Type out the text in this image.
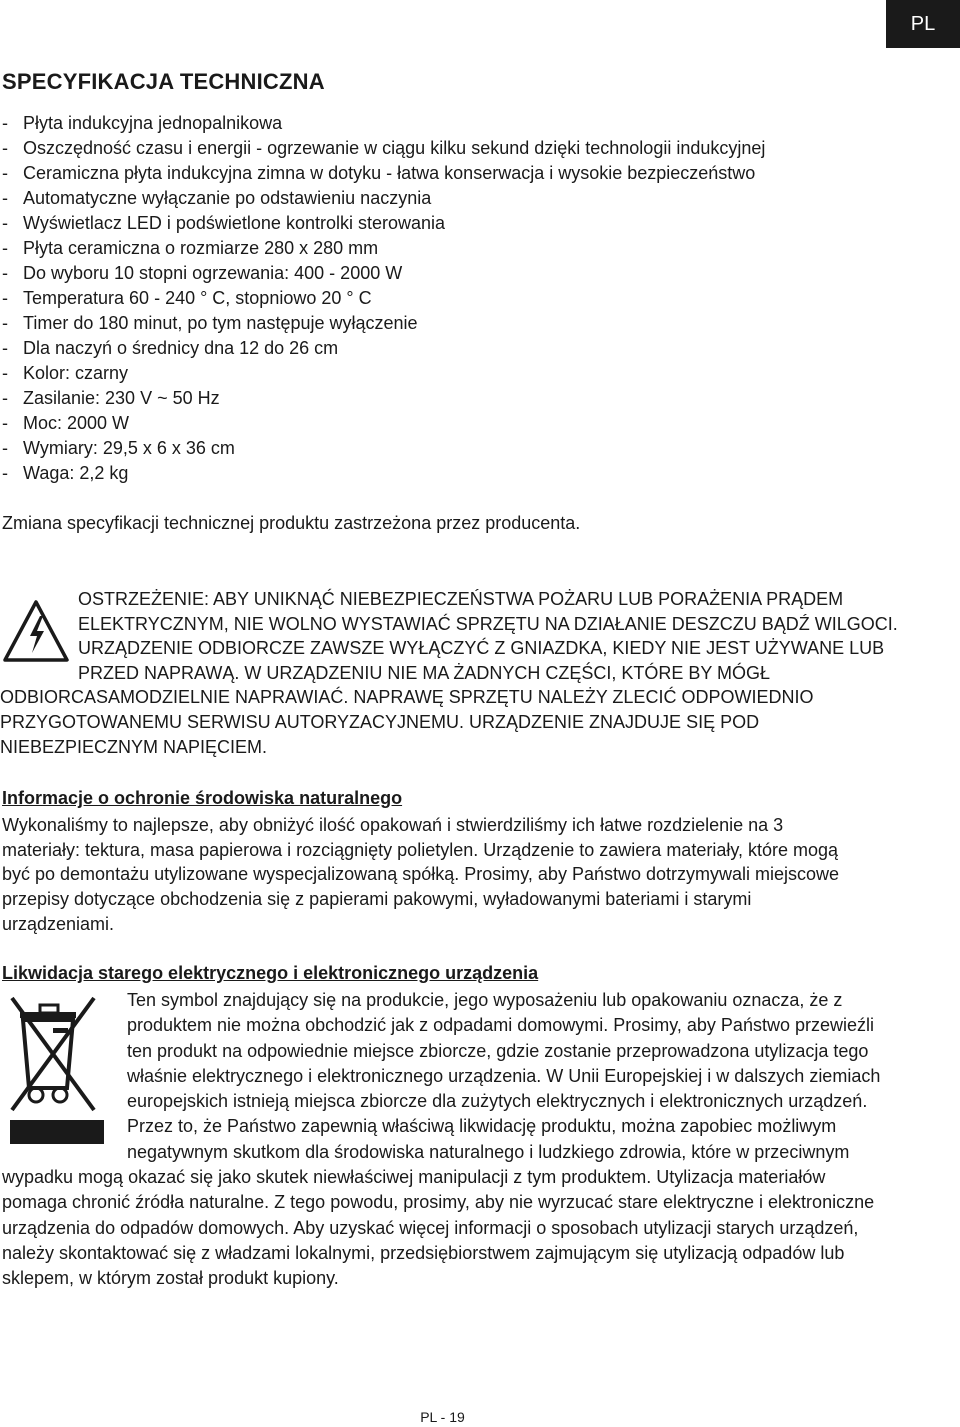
PL
SPECYFIKACJA TECHNICZNA
- Płyta indukcyjna jednopalnikowa
- Oszczędność czasu i energii - ogrzewanie w ciągu kilku sekund dzięki technologii indukcyjnej
- Ceramiczna płyta indukcyjna zimna w dotyku - łatwa konserwacja i wysokie bezpieczeństwo
- Automatyczne wyłączanie po odstawieniu naczynia
- Wyświetlacz LED i podświetlone kontrolki sterowania
- Płyta ceramiczna o rozmiarze 280 x 280 mm
- Do wyboru 10 stopni ogrzewania: 400 - 2000 W
- Temperatura 60 - 240 ° C, stopniowo 20 ° C
- Timer do 180 minut, po tym następuje wyłączenie
- Dla naczyń o średnicy dna 12 do 26 cm
- Kolor: czarny
- Zasilanie: 230 V ~ 50 Hz
- Moc: 2000 W
- Wymiary: 29,5 x 6 x 36 cm
- Waga: 2,2 kg

Zmiana specyfikacji technicznej produktu zastrzeżona przez producenta.

OSTRZEŻENIE: ABY UNIKNĄĆ NIEBEZPIECZEŃSTWA POŻARU LUB PORAŻENIA PRĄDEM ELEKTRYCZNYM, NIE WOLNO WYSTAWIAĆ SPRZĘTU NA DZIAŁANIE DESZCZU BĄDŹ WILGOCI. URZĄDZENIE ODBIORCZE ZAWSZE WYŁĄCZYĆ Z GNIAZDKA, KIEDY NIE JEST UŻYWANE LUB PRZED NAPRAWĄ. W URZĄDZENIU NIE MA ŻADNYCH CZĘŚCI, KTÓRE BY MÓGŁ ODBIORCASAMODZIELNIE NAPRAWIAĆ. NAPRAWĘ SPRZĘTU NALEŻY ZLECIĆ ODPOWIEDNIO PRZYGOTOWANEMU SERWISU AUTORYZACYJNEMU. URZĄDZENIE ZNAJDUJE SIĘ POD NIEBEZPIECZNYM NAPIĘCIEM.

Informacje o ochronie środowiska naturalnego

Wykonaliśmy to najlepsze, aby obniżyć ilość opakowań i stwierdziliśmy ich łatwe rozdzielenie na 3 materiały: tektura, masa papierowa i rozciągnięty polietylen. Urządzenie to zawiera materiały, które mogą być po demontażu utylizowane wyspecjalizowaną spółką. Prosimy, aby Państwo dotrzymywali miejscowe przepisy dotyczące obchodzenia się z papierami pakowymi, wyładowanymi bateriami i starymi urządzeniami.

Likwidacja starego elektrycznego i elektronicznego urządzenia

Ten symbol znajdujący się na produkcie, jego wyposażeniu lub opakowaniu oznacza, że z produktem nie można obchodzić jak z odpadami domowymi. Prosimy, aby Państwo przewieźli ten produkt na odpowiednie miejsce zbiorcze, gdzie zostanie przeprowadzona utylizacja tego właśnie elektrycznego i elektronicznego urządzenia. W Unii Europejskiej i w dalszych ziemiach europejskich istnieją miejsca zbiorcze dla zużytych elektrycznych i elektronicznych urządzeń. Przez to, że Państwo zapewnią właściwą likwidację produktu, można zapobiec możliwym negatywnym skutkom dla środowiska naturalnego i ludzkiego zdrowia, które w przeciwnym wypadku mogą okazać się jako skutek niewłaściwej manipulacji z tym produktem. Utylizacja materiałów pomaga chronić źródła naturalne. Z tego powodu, prosimy, aby nie wyrzucać stare elektryczne i elektroniczne urządzenia do odpadów domowych. Aby uzyskać więcej informacji o sposobach utylizacji starych urządzeń, należy skontaktować się z władzami lokalnymi, przedsiębiorstwem zajmującym się utylizacją odpadów lub sklepem, w którym został produkt kupiony.

PL - 19
